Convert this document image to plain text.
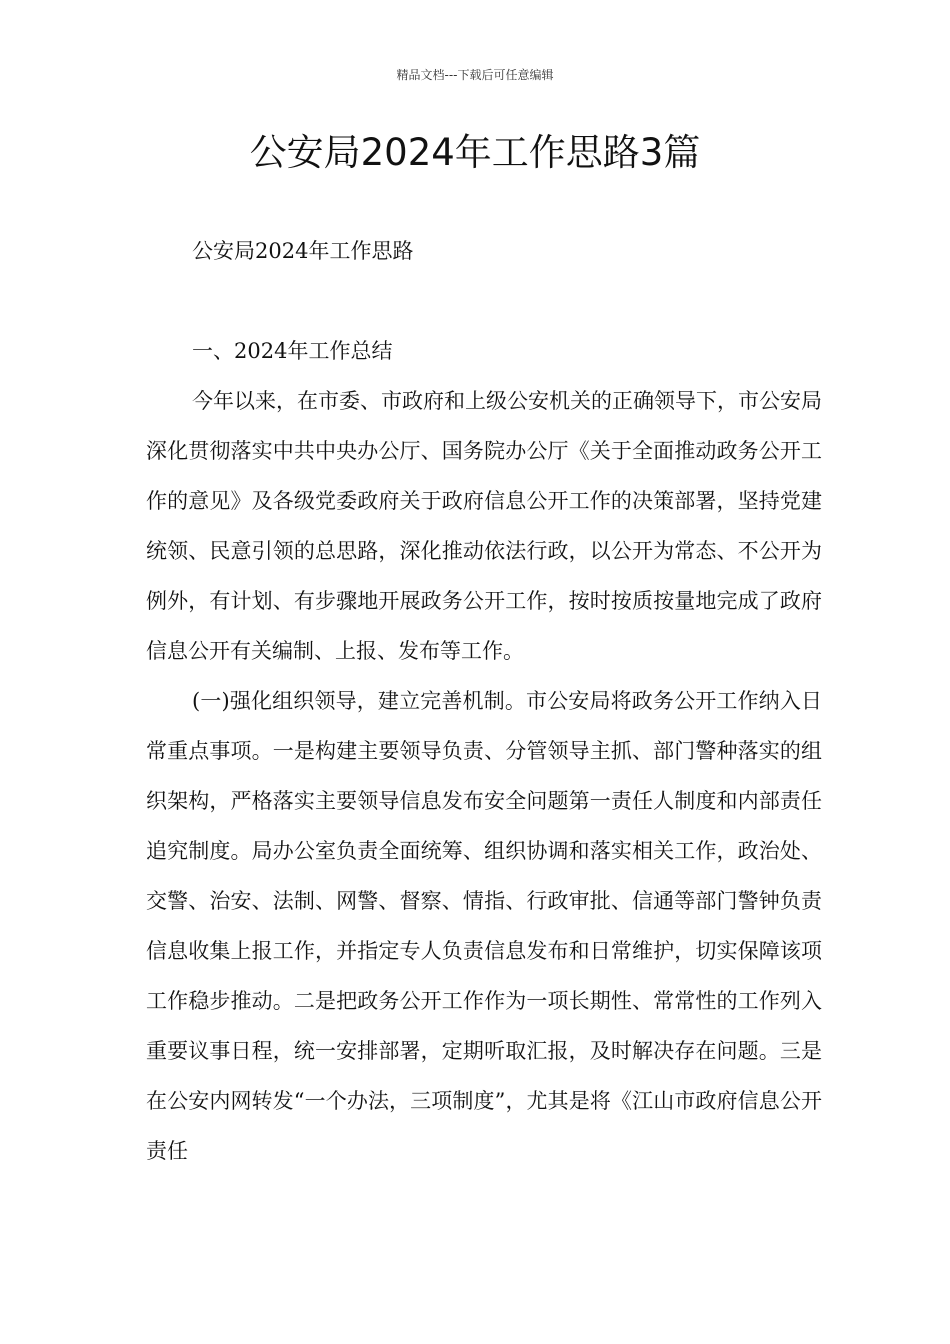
精品文档---下载后可任意编辑
公安局2024年工作思路3篇
公安局2024年工作思路
一、2024年工作总结

今年以来，在市委、市政府和上级公安机关的正确领导下，市公安局深化贯彻落实中共中央办公厅、国务院办公厅《关于全面推动政务公开工作的意见》及各级党委政府关于政府信息公开工作的决策部署，坚持党建统领、民意引领的总思路，深化推动依法行政，以公开为常态、不公开为例外，有计划、有步骤地开展政务公开工作，按时按质按量地完成了政府信息公开有关编制、上报、发布等工作。

(一)强化组织领导，建立完善机制。市公安局将政务公开工作纳入日常重点事项。一是构建主要领导负责、分管领导主抓、部门警种落实的组织架构，严格落实主要领导信息发布安全问题第一责任人制度和内部责任追究制度。局办公室负责全面统筹、组织协调和落实相关工作，政治处、交警、治安、法制、网警、督察、情指、行政审批、信通等部门警钟负责信息收集上报工作，并指定专人负责信息发布和日常维护，切实保障该项工作稳步推动。二是把政务公开工作作为一项长期性、常常性的工作列入重要议事日程，统一安排部署，定期听取汇报，及时解决存在问题。三是在公安内网转发“一个办法，三项制度”，尤其是将《江山市政府信息公开责任
